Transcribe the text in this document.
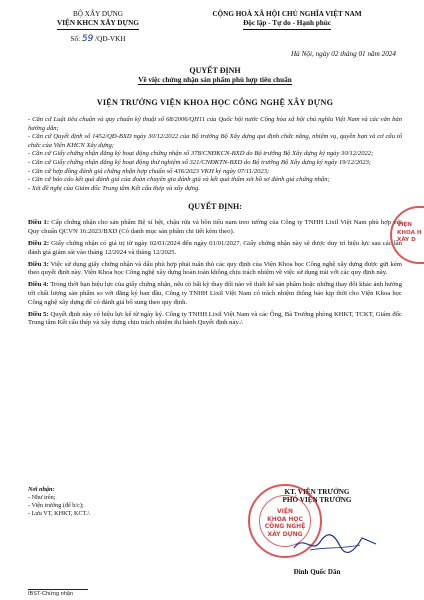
BỘ XÂY DỰNG
VIỆN KHCN XÂY DỰNG
Số: 59 /QĐ-VKH
CỘNG HOÀ XÃ HỘI CHỦ NGHĨA VIỆT NAM
Độc lập - Tự do - Hạnh phúc
Hà Nội, ngày 02 tháng 01 năm 2024
QUYẾT ĐỊNH
Về việc chứng nhận sản phẩm phù hợp tiêu chuẩn
VIỆN TRƯỞNG VIỆN KHOA HỌC CÔNG NGHỆ XÂY DỰNG

- Căn cứ Luật tiêu chuẩn và quy chuẩn kỹ thuật số 68/2006/QH11 của Quốc hội nước Cộng hòa xã hội chủ nghĩa Việt Nam và các văn bản hướng dẫn;

- Căn cứ Quyết định số 1452/QĐ-BXD ngày 30/12/2022 của Bộ trưởng Bộ Xây dựng qui định chức năng, nhiệm vụ, quyền hạn và cơ cấu tổ chức của Viện KHCN Xây dựng;

- Căn cứ Giấy chứng nhận đăng ký hoạt động chứng nhận số 378/CNĐKCN-BXD do Bộ trưởng Bộ Xây dựng ký ngày 30/12/2022;

- Căn cứ Giấy chứng nhận đăng ký hoạt động thử nghiệm số 321/CNĐKTN-BXD do Bộ trưởng Bộ Xây dựng ký ngày 19/12/2023;

- Căn cứ hợp đồng đánh giá chứng nhận hợp chuẩn số 436/2023 VKH ký ngày 07/11/2023;

- Căn cứ báo cáo kết quả đánh giá của đoàn chuyên gia đánh giá và kết quả thẩm xét hồ sơ đánh giá chứng nhận;

- Xét đề nghị của Giám đốc Trung tâm Kết cấu thép và xây dựng.

QUYẾT ĐỊNH:

Điều 1: Cấp chứng nhận cho sản phẩm Bệ xí bệt, chậu rửa và bồn tiểu nam treo tường của Công ty TNHH Lixil Việt Nam phù hợp với Quy chuẩn QCVN 16:2023/BXD (Có danh mục sản phẩm chi tiết kèm theo).

Điều 2: Giấy chứng nhận có giá trị từ ngày 02/01/2024 đến ngày 01/01/2027. Giấy chứng nhận này sẽ được duy trì hiệu lực sau các lần đánh giá giám sát vào tháng 12/2024 và tháng 12/2025.

Điều 3: Việc sử dụng giấy chứng nhận và dấu phù hợp phải tuân thủ các quy định của Viện Khoa học Công nghệ xây dựng được gửi kèm theo quyết định này. Viện Khoa học Công nghệ xây dựng hoàn toàn không chịu trách nhiệm về việc sử dụng trái với các quy định này.

Điều 4: Trong thời hạn hiệu lực của giấy chứng nhận, nếu có bất kỳ thay đổi nào về thiết kế sản phẩm hoặc những thay đổi khác ảnh hưởng tới chất lượng sản phẩm so với đăng ký ban đầu, Công ty TNHH Lixil Việt Nam có trách nhiệm thông báo kịp thời cho Viện Khoa học Công nghệ xây dựng để có đánh giá bổ sung theo quy định.

Điều 5: Quyết định này có hiệu lực kể từ ngày ký. Công ty TNHH Lixil Việt Nam và các Ông, Bà Trưởng phòng KHKT, TCKT, Giám đốc Trung tâm Kết cấu thép và xây dựng chịu trách nhiệm thi hành Quyết định này./.

VIỆN
KHOA H
XÂY D
Nơi nhận:
- Như trên;
- Viện trưởng (để b/c);
- Lưu VT, KHKT, KCT./.
KT. VIỆN TRƯỞNG
PHÓ VIỆN TRƯỞNG
VIỆN
KHOA HỌC
CÔNG NGHỆ
XÂY DỰNG
Đinh Quốc Dân
IBST-Chứng nhận
